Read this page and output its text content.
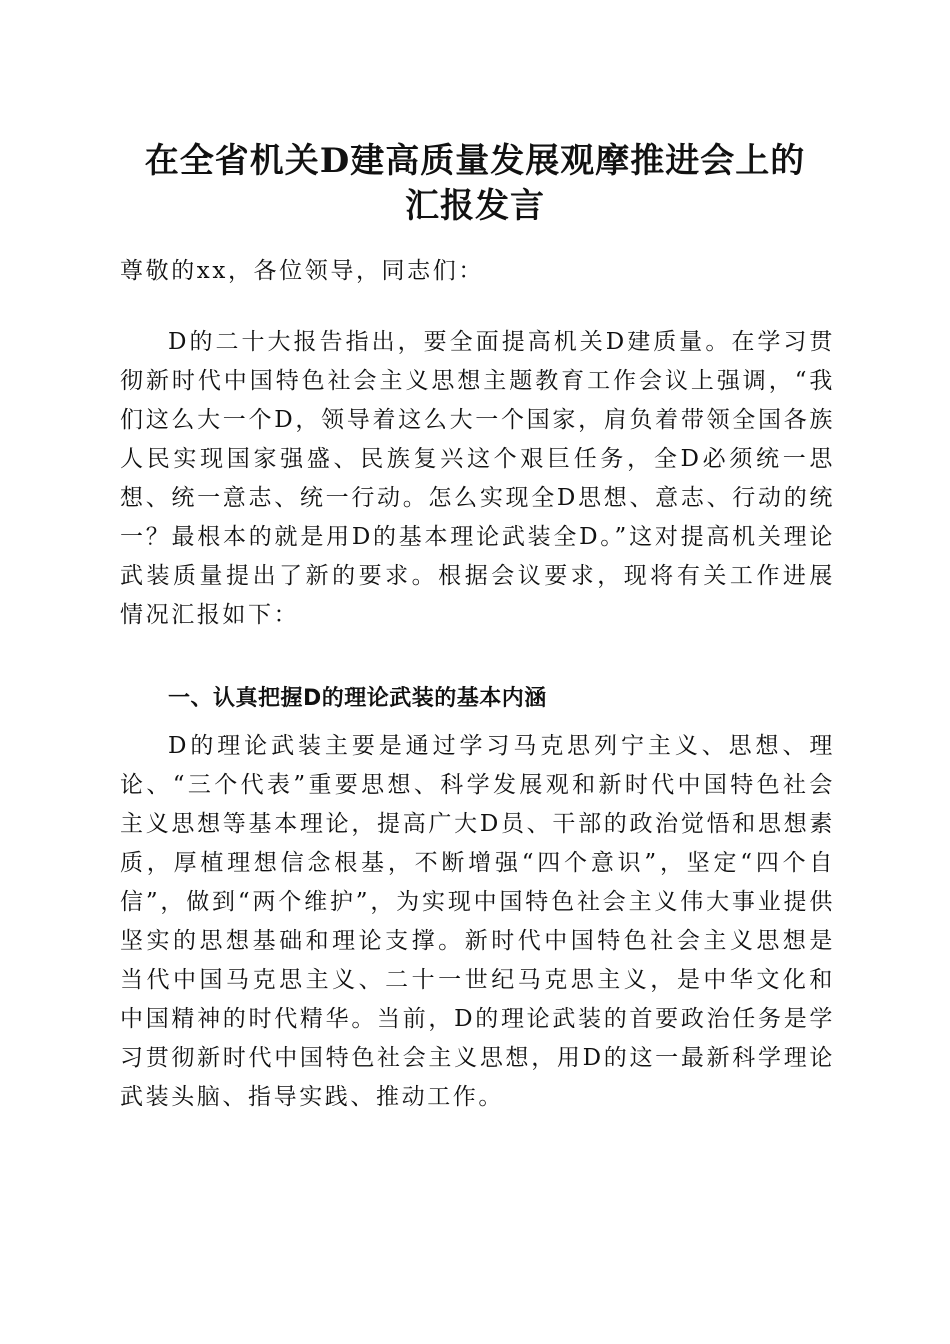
在全省机关D建高质量发展观摩推进会上的
汇报发言

尊敬的xx，各位领导，同志们：

D的二十大报告指出，要全面提高机关D建质量。在学习贯彻新时代中国特色社会主义思想主题教育工作会议上强调，“我们这么大一个D，领导着这么大一个国家，肩负着带领全国各族人民实现国家强盛、民族复兴这个艰巨任务，全D必须统一思想、统一意志、统一行动。怎么实现全D思想、意志、行动的统一？最根本的就是用D的基本理论武装全D。”这对提高机关理论武装质量提出了新的要求。根据会议要求，现将有关工作进展情况汇报如下：

一、认真把握D的理论武装的基本内涵

D的理论武装主要是通过学习马克思列宁主义、思想、理论、“三个代表”重要思想、科学发展观和新时代中国特色社会主义思想等基本理论，提高广大D员、干部的政治觉悟和思想素质，厚植理想信念根基，不断增强“四个意识”，坚定“四个自信”，做到“两个维护”，为实现中国特色社会主义伟大事业提供坚实的思想基础和理论支撑。新时代中国特色社会主义思想是当代中国马克思主义、二十一世纪马克思主义，是中华文化和中国精神的时代精华。当前，D的理论武装的首要政治任务是学习贯彻新时代中国特色社会主义思想，用D的这一最新科学理论武装头脑、指导实践、推动工作。
